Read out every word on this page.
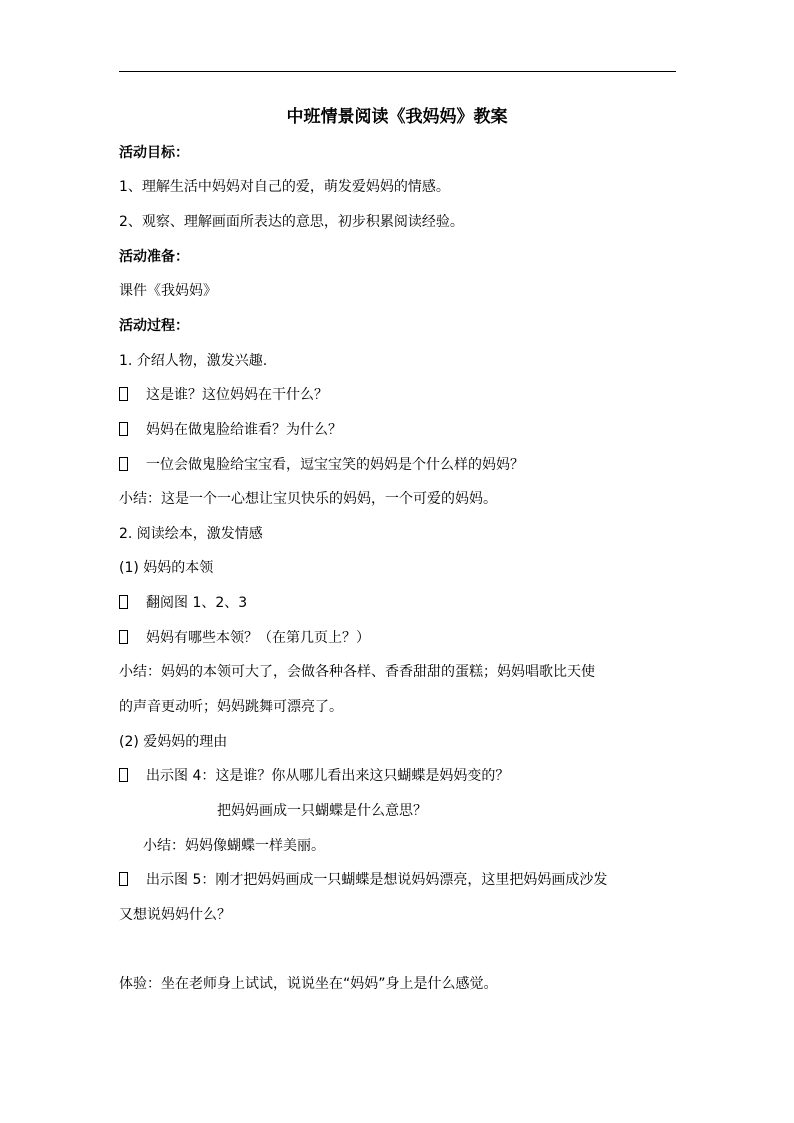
中班情景阅读《我妈妈》教案
活动目标：
1、理解生活中妈妈对自己的爱，萌发爱妈妈的情感。
2、观察、理解画面所表达的意思，初步积累阅读经验。
活动准备：
课件《我妈妈》
活动过程：
1. 介绍人物，激发兴趣.
这是谁？这位妈妈在干什么？
妈妈在做鬼脸给谁看？为什么？
一位会做鬼脸给宝宝看，逗宝宝笑的妈妈是个什么样的妈妈？
小结：这是一个一心想让宝贝快乐的妈妈，一个可爱的妈妈。
2. 阅读绘本，激发情感
(1) 妈妈的本领
翻阅图 1、2、3
妈妈有哪些本领？（在第几页上？）
小结：妈妈的本领可大了，会做各种各样、香香甜甜的蛋糕；妈妈唱歌比天使
的声音更动听；妈妈跳舞可漂亮了。
(2) 爱妈妈的理由
出示图 4：这是谁？你从哪儿看出来这只蝴蝶是妈妈变的？
把妈妈画成一只蝴蝶是什么意思？
小结：妈妈像蝴蝶一样美丽。
出示图 5：刚才把妈妈画成一只蝴蝶是想说妈妈漂亮，这里把妈妈画成沙发
又想说妈妈什么？
体验：坐在老师身上试试，说说坐在“妈妈”身上是什么感觉。
